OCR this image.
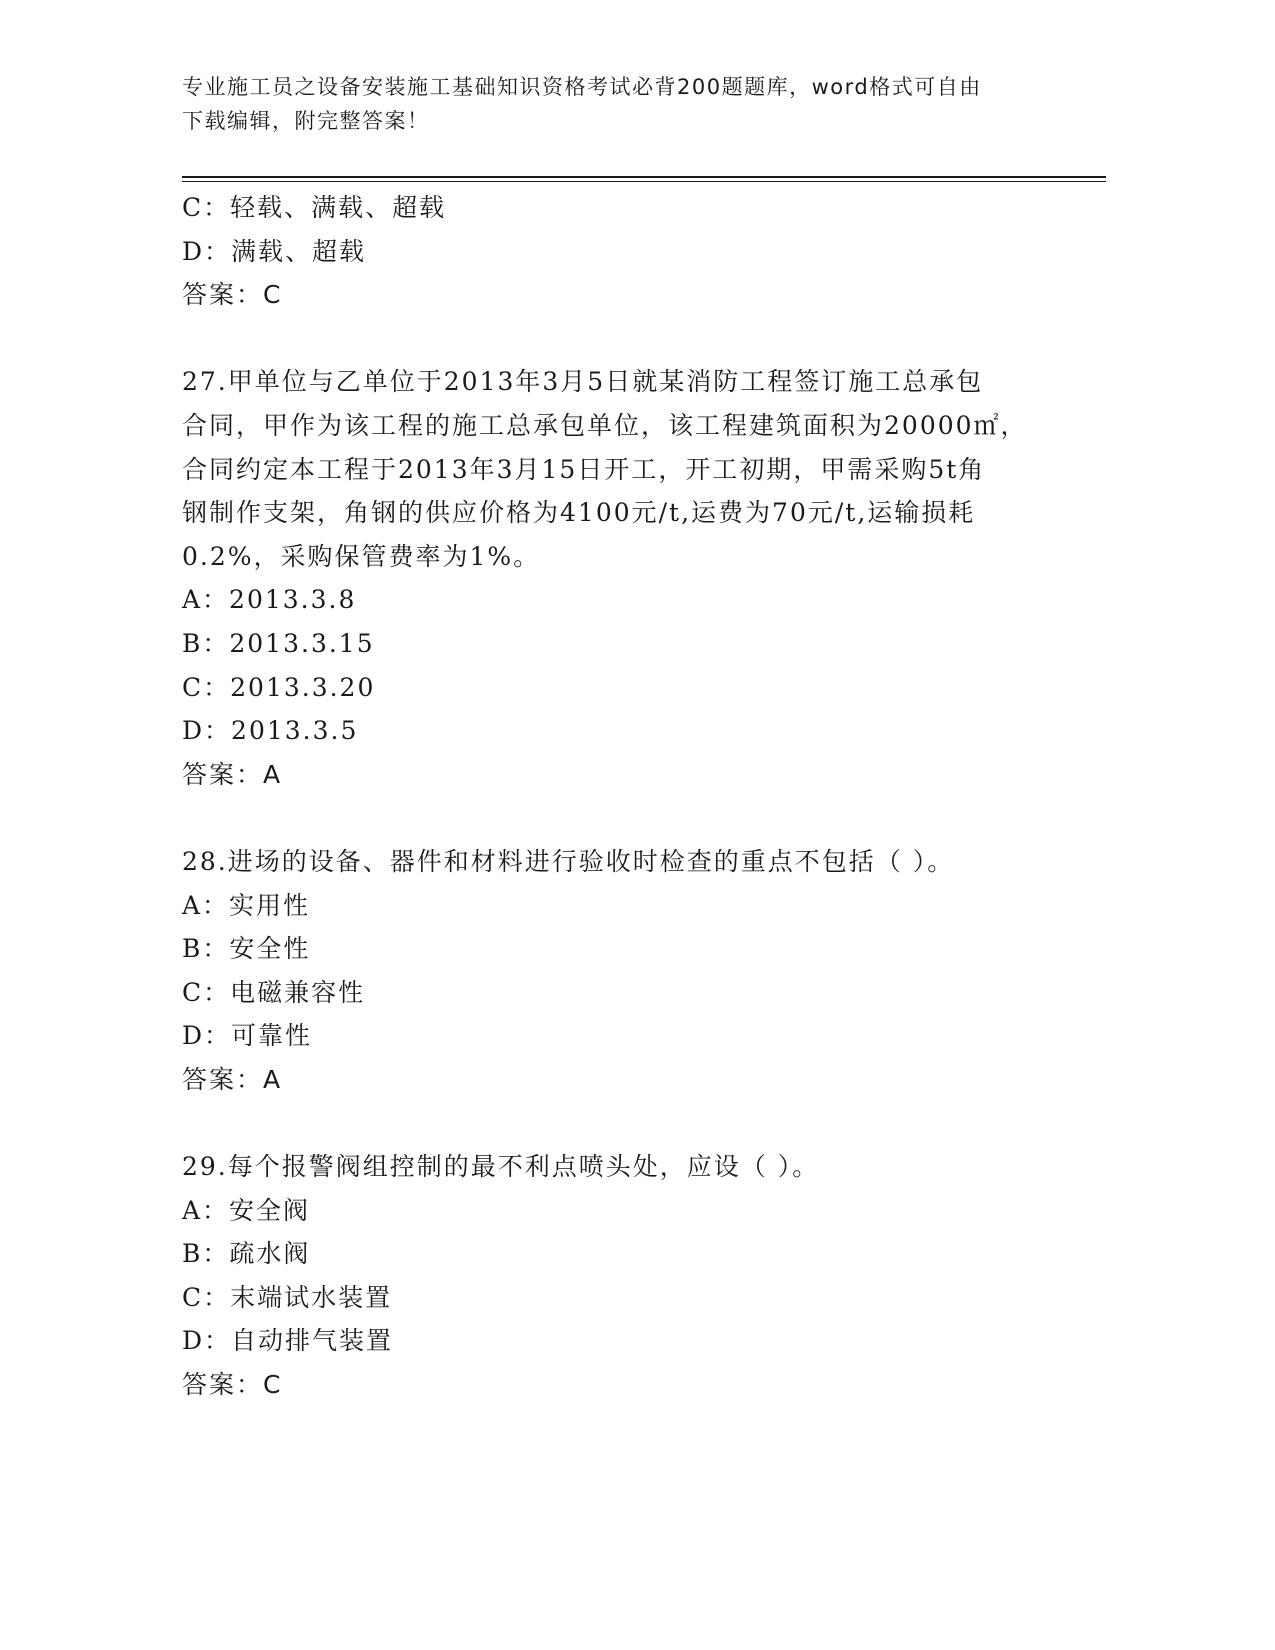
专业施工员之设备安装施工基础知识资格考试必背200题题库，word格式可自由
下载编辑，附完整答案！
C：轻载、满载、超载
D：满载、超载
答案：C
27.甲单位与乙单位于2013年3月5日就某消防工程签订施工总承包
合同，甲作为该工程的施工总承包单位，该工程建筑面积为20000㎡，
合同约定本工程于2013年3月15日开工，开工初期，甲需采购5t角
钢制作支架，角钢的供应价格为4100元/t,运费为70元/t,运输损耗
0.2%，采购保管费率为1%。
A：2013.3.8
B：2013.3.15
C：2013.3.20
D：2013.3.5
答案：A
28.进场的设备、器件和材料进行验收时检查的重点不包括（ ）。
A：实用性
B：安全性
C：电磁兼容性
D：可靠性
答案：A
29.每个报警阀组控制的最不利点喷头处，应设（ ）。
A：安全阀
B：疏水阀
C：末端试水装置
D：自动排气装置
答案：C
